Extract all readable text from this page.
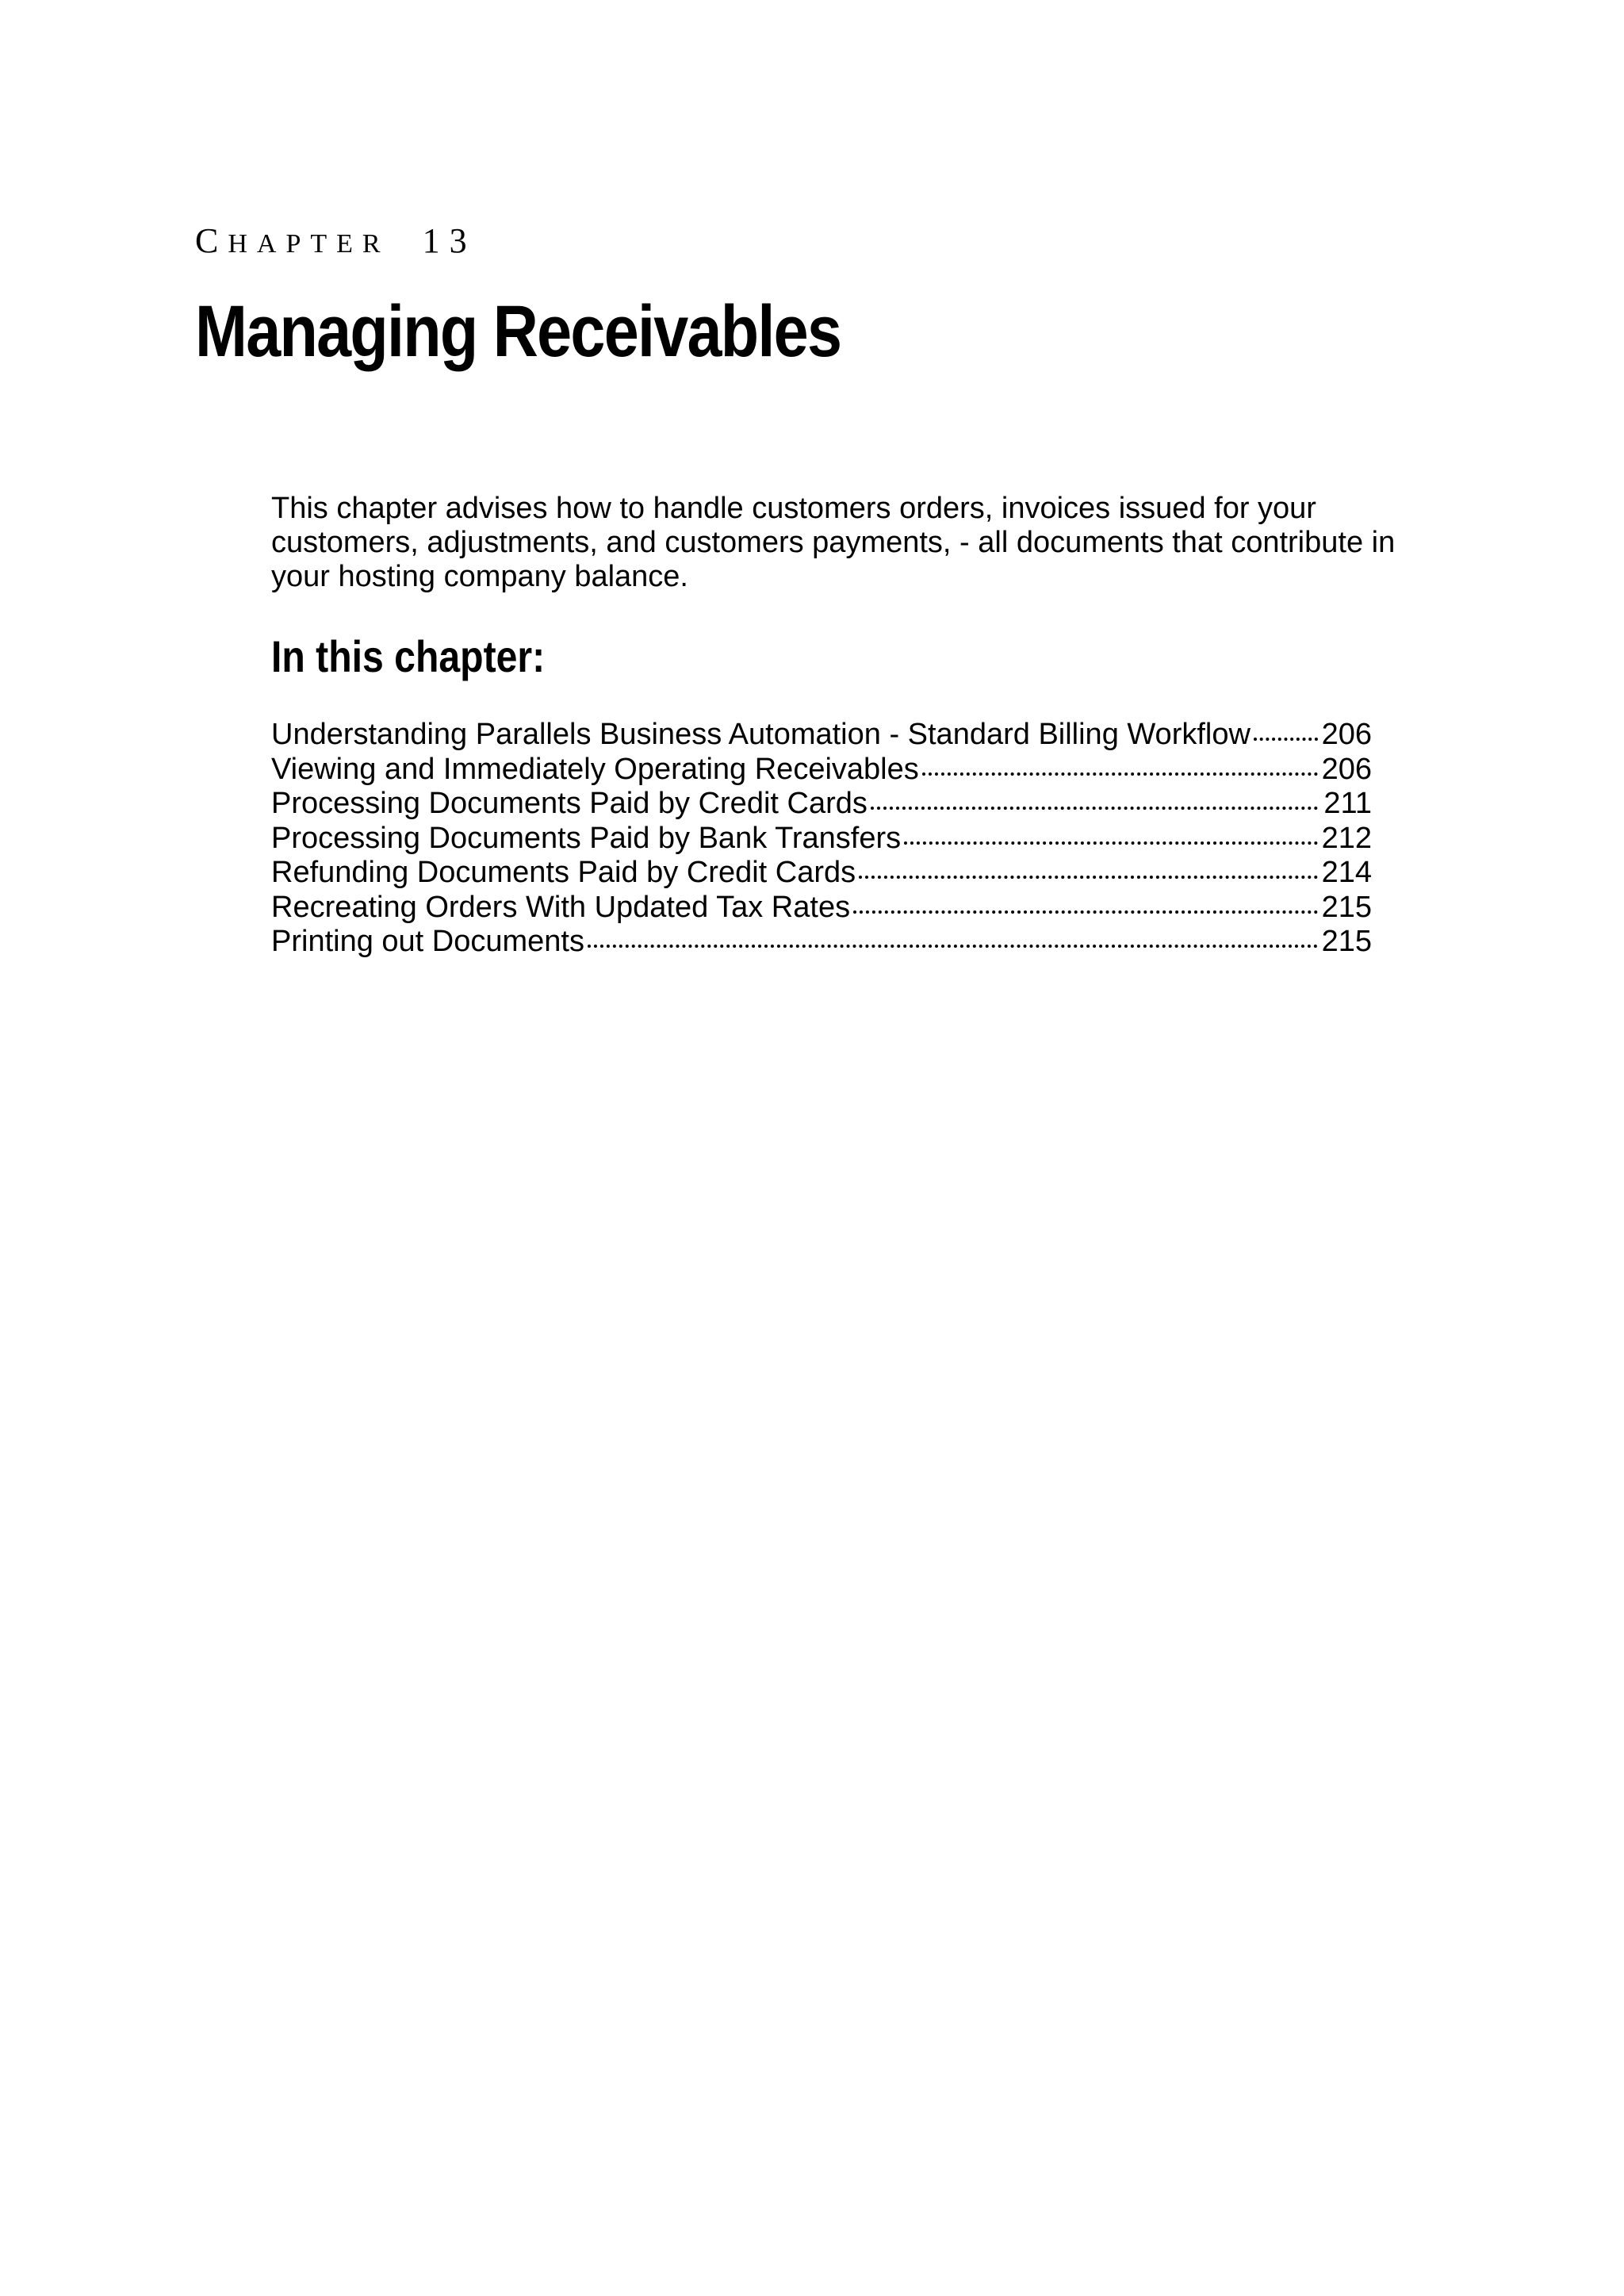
CHAPTER 13
Managing Receivables
This chapter advises how to handle customers orders, invoices issued for your customers, adjustments, and customers payments, - all documents that contribute in your hosting company balance.
In this chapter:
Understanding Parallels Business Automation - Standard Billing Workflow 206
Viewing and Immediately Operating Receivables	206
Processing Documents Paid by Credit Cards	211
Processing Documents Paid by Bank Transfers	212
Refunding Documents Paid by Credit Cards	214
Recreating Orders With Updated Tax Rates	215
Printing out Documents	215
